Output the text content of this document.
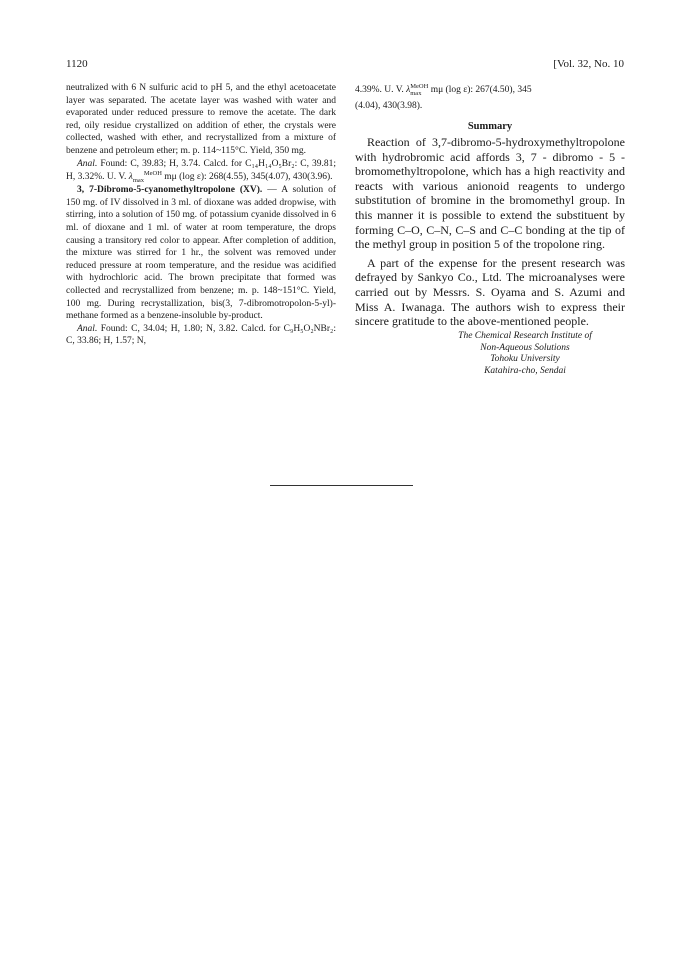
1120	[Vol. 32, No. 10

neutralized with 6 N sulfuric acid to pH 5, and the ethyl acetoacetate layer was separated. The acetate layer was washed with water and evaporated under reduced pressure to remove the acetate. The dark red, oily residue crystallized on addition of ether, the crystals were collected, washed with ether, and recrystallized from a mixture of benzene and petroleum ether; m. p. 114~115°C. Yield, 350 mg.

Anal. Found: C, 39.83; H, 3.74. Calcd. for C₁₄H₁₄O₅Br₂: C, 39.81; H, 3.32%. U. V. λ MeOH
max mμ (log ε): 268(4.55), 345(4.07), 430(3.96).

3, 7-Dibromo-5-cyanomethyltropolone (XV). — A solution of 150 mg. of IV dissolved in 3 ml. of dioxane was added dropwise, with stirring, into a solution of 150 mg. of potassium cyanide dissolved in 6 ml. of dioxane and 1 ml. of water at room temperature, the drops causing a transitory red color to appear. After completion of addition, the mixture was stirred for 1 hr., the solvent was removed under reduced pressure at room temperature, and the residue was acidified with hydrochloric acid. The brown precipitate that formed was collected and recrystallized from benzene; m. p. 148~151°C. Yield, 100 mg. During recrystallization, bis(3, 7-dibromotropolon-5-yl)-methane formed as a benzene-insoluble by-product.

Anal. Found: C, 34.04; H, 1.80; N, 3.82. Calcd. for C₉H₅O₂NBr₂: C, 33.86; H, 1.57; N,

4.39%. U. V. λMeOH
max mμ (log ε): 267(4.50), 345
(4.04), 430(3.98).

Summary

Reaction of 3,7-dibromo-5-hydroxymethyltropolone with hydrobromic acid affords 3, 7 - dibromo - 5 - bromomethyltropolone, which has a high reactivity and reacts with various anionoid reagents to undergo substitution of bromine in the bromomethyl group. In this manner it is possible to extend the substituent by forming C–O, C–N, C–S and C–C bonding at the tip of the methyl group in position 5 of the tropolone ring.

A part of the expense for the present research was defrayed by Sankyo Co., Ltd. The microanalyses were carried out by Messrs. S. Oyama and S. Azumi and Miss A. Iwanaga. The authors wish to express their sincere gratitude to the above-mentioned people.

The Chemical Research Institute of
Non-Aqueous Solutions
Tohoku University
Katahira-cho, Sendai
